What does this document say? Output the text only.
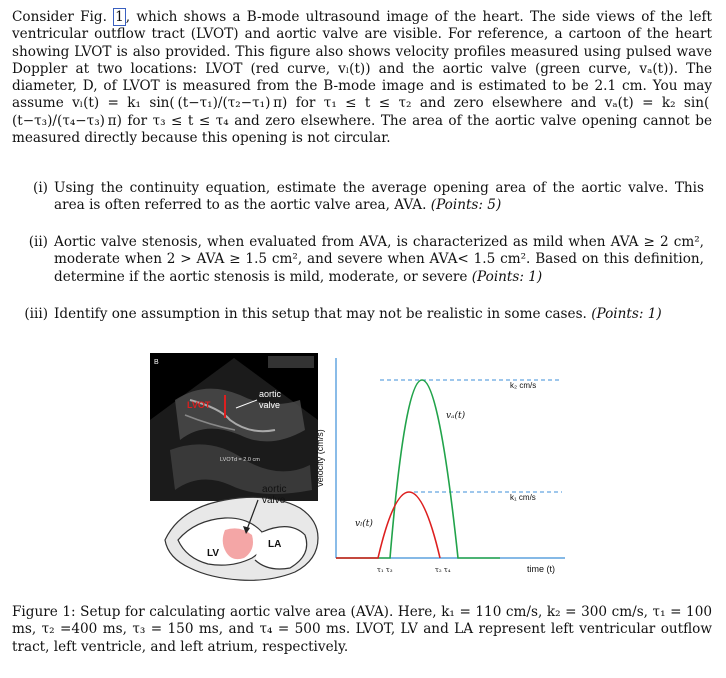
Consider Fig. 1 , which shows a B-mode ultrasound image of the heart. The side views of the left ventricular outflow tract (LVOT) and aortic valve are visible. For reference, a cartoon of the heart showing LVOT is also provided. This figure also shows velocity profiles measured using pulsed wave Doppler at two locations: LVOT (red curve, vₗ(t)) and the aortic valve (green curve, vₐ(t)). The diameter, D, of LVOT is measured from the B-mode image and is estimated to be 2.1 cm. You may assume vₗ(t) = k₁ sin( (t−τ₁)/(τ₂−τ₁) π) for τ₁ ≤ t ≤ τ₂ and zero elsewhere and vₐ(t) = k₂ sin( (t−τ₃)/(τ₄−τ₃) π) for τ₃ ≤ t ≤ τ₄ and zero elsewhere. The area of the aortic valve opening cannot be measured directly because this opening is not circular.

(i) Using the continuity equation, estimate the average opening area of the aortic valve. This area is often referred to as the aortic valve area, AVA. (Points: 5)
(ii) Aortic valve stenosis, when evaluated from AVA, is characterized as mild when AVA ≥ 2 cm², moderate when 2 > AVA ≥ 1.5 cm², and severe when AVA< 1.5 cm². Based on this definition, determine if the aortic stenosis is mild, moderate, or severe (Points: 1)
(iii) Identify one assumption in this setup that may not be realistic in some cases. (Points: 1)
B
LVOT
aortic valve
LVOTd = 2.0 cm
aortic valve
LA
LV
velocity (cm/s)
time (t)
k₂ cm/s
k₁ cm/s
vₐ(t)
vₗ(t)
τ₁ τ₃	τ₂ τ₄

Figure 1: Setup for calculating aortic valve area (AVA). Here, k₁ = 110 cm/s, k₂ = 300 cm/s, τ₁ = 100 ms, τ₂ =400 ms, τ₃ = 150 ms, and τ₄ = 500 ms. LVOT, LV and LA represent left ventricular outflow tract, left ventricle, and left atrium, respectively.
